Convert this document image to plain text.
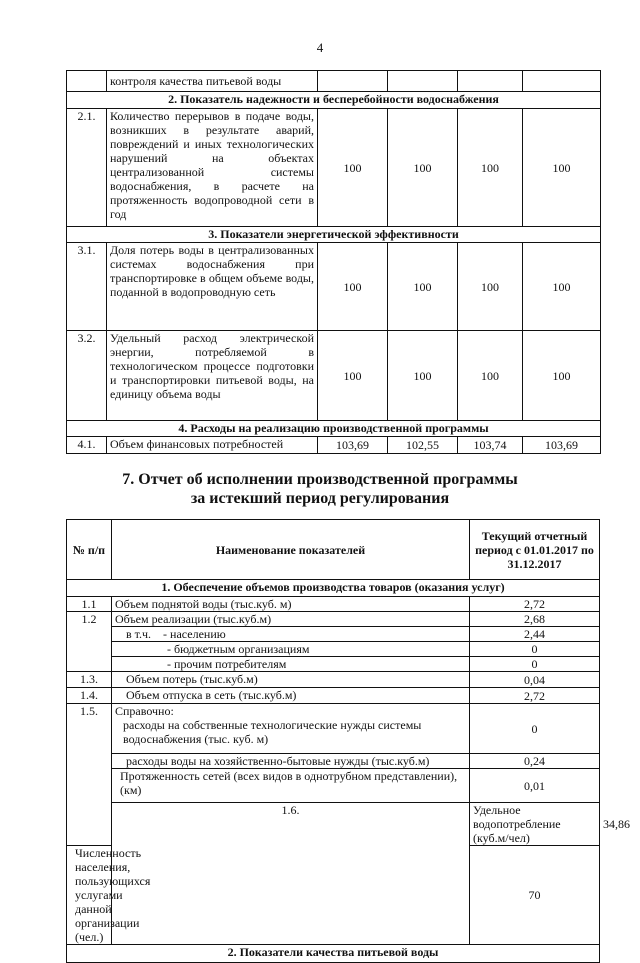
4
	контроля качества питьевой воды				
2. Показатель надежности и бесперебойности водоснабжения					
2.1.	Количество перерывов в подаче воды, возникших в результате аварий, повреждений и иных технологических нарушений на объектах централизованной системы водоснабжения, в расчете на протяженность водопроводной сети в год	100	100	100	100
3. Показатели энергетической эффективности					
3.1.	Доля потерь воды в централизованных системах водоснабжения при транспортировке в общем объеме воды, поданной в водопроводную сеть	100	100	100	100
3.2.	Удельный расход электрической энергии, потребляемой в технологическом процессе подготовки и транспортировки питьевой воды, на единицу объема воды	100	100	100	100
4. Расходы на реализацию производственной программы					
4.1.	Объем финансовых потребностей	103,69	102,55	103,74	103,69
7. Отчет об исполнении производственной программы
за истекший период регулирования
№ п/п	Наименование показателей	Текущий отчетный период с 01.01.2017 по 31.12.2017	
1. Обеспечение объемов производства товаров (оказания услуг)			
1.1	Объем поднятой воды (тыс.куб. м)	2,72	
1.2	Объем реализации (тыс.куб.м)	2,68	
	в т.ч.    - населению	2,44	
	- бюджетным организациям	0	
	- прочим потребителям	0	
1.3.	Объем потерь (тыс.куб.м)	0,04	
1.4.	Объем отпуска в сеть (тыс.куб.м)	2,72	
1.5.	Справочно:
расходы на собственные технологические нужды системы водоснабжения (тыс. куб. м)	0	
	расходы воды на хозяйственно-бытовые нужды (тыс.куб.м)	0,24	
	Протяженность сетей (всех видов в однотрубном представлении), (км)	0,01	
	1.6.	Удельное водопотребление (куб.м/чел)	34,86
Численность населения, пользующихся услугами данной организации (чел.)		70	
2. Показатели качества питьевой воды			
